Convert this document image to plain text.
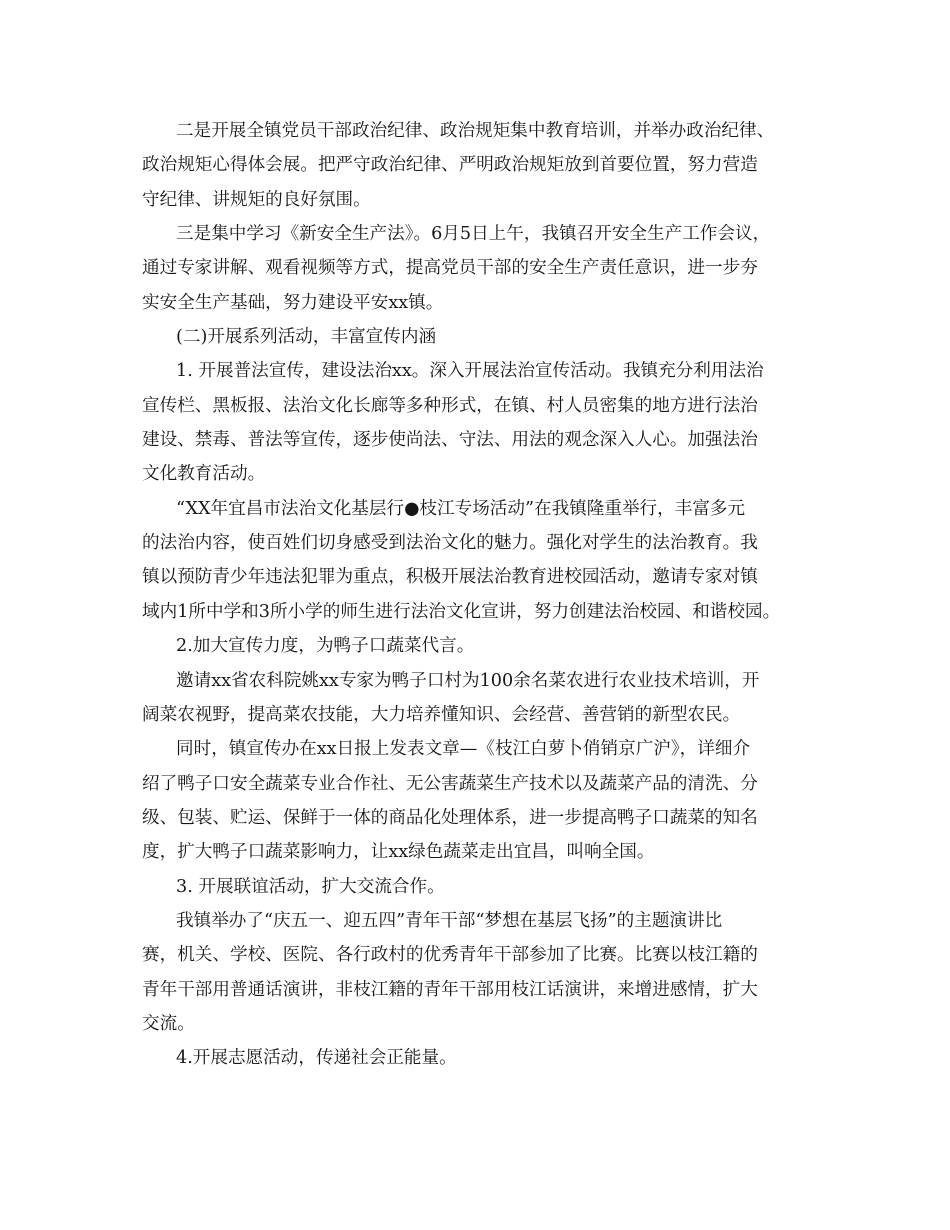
二是开展全镇党员干部政治纪律、政治规矩集中教育培训，并举办政治纪律、

政治规矩心得体会展。把严守政治纪律、严明政治规矩放到首要位置，努力营造

守纪律、讲规矩的良好氛围。

三是集中学习《新安全生产法》。6月5日上午，我镇召开安全生产工作会议，

通过专家讲解、观看视频等方式，提高党员干部的安全生产责任意识，进一步夯

实安全生产基础，努力建设平安xx镇。

(二)开展系列活动，丰富宣传内涵

1. 开展普法宣传，建设法治xx。深入开展法治宣传活动。我镇充分利用法治

宣传栏、黑板报、法治文化长廊等多种形式，在镇、村人员密集的地方进行法治

建设、禁毒、普法等宣传，逐步使尚法、守法、用法的观念深入人心。加强法治

文化教育活动。

“XX年宜昌市法治文化基层行●枝江专场活动”在我镇隆重举行，丰富多元

的法治内容，使百姓们切身感受到法治文化的魅力。强化对学生的法治教育。我

镇以预防青少年违法犯罪为重点，积极开展法治教育进校园活动，邀请专家对镇

域内1所中学和3所小学的师生进行法治文化宣讲，努力创建法治校园、和谐校园。

2.加大宣传力度，为鸭子口蔬菜代言。

邀请xx省农科院姚xx专家为鸭子口村为100余名菜农进行农业技术培训，开

阔菜农视野，提高菜农技能，大力培养懂知识、会经营、善营销的新型农民。

同时，镇宣传办在xx日报上发表文章—《枝江白萝卜俏销京广沪》，详细介

绍了鸭子口安全蔬菜专业合作社、无公害蔬菜生产技术以及蔬菜产品的清洗、分

级、包装、贮运、保鲜于一体的商品化处理体系，进一步提高鸭子口蔬菜的知名

度，扩大鸭子口蔬菜影响力，让xx绿色蔬菜走出宜昌，叫响全国。

3. 开展联谊活动，扩大交流合作。

我镇举办了“庆五一、迎五四”青年干部“梦想在基层飞扬”的主题演讲比

赛，机关、学校、医院、各行政村的优秀青年干部参加了比赛。比赛以枝江籍的

青年干部用普通话演讲，非枝江籍的青年干部用枝江话演讲，来增进感情，扩大

交流。

4.开展志愿活动，传递社会正能量。
